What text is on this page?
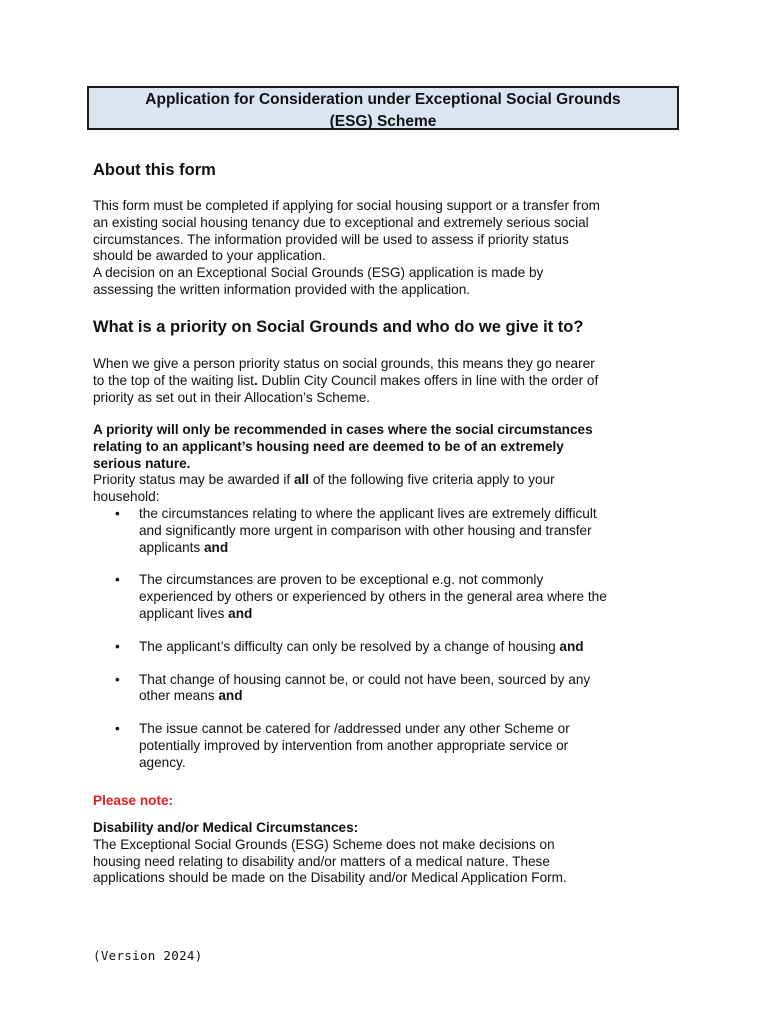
Application for Consideration under Exceptional Social Grounds
(ESG) Scheme
About this form
This form must be completed if applying for social housing support or a transfer from
an existing social housing tenancy due to exceptional and extremely serious social
circumstances. The information provided will be used to assess if priority status
should be awarded to your application.
A decision on an Exceptional Social Grounds (ESG) application is made by
assessing the written information provided with the application.
What is a priority on Social Grounds and who do we give it to?
When we give a person priority status on social grounds, this means they go nearer
to the top of the waiting list. Dublin City Council makes offers in line with the order of
priority as set out in their Allocation’s Scheme.
A priority will only be recommended in cases where the social circumstances
relating to an applicant’s housing need are deemed to be of an extremely
serious nature.
Priority status may be awarded if all of the following five criteria apply to your
household:
• the circumstances relating to where the applicant lives are extremely difficult
and significantly more urgent in comparison with other housing and transfer
applicants and
• The circumstances are proven to be exceptional e.g. not commonly
experienced by others or experienced by others in the general area where the
applicant lives and
• The applicant’s difficulty can only be resolved by a change of housing and
• That change of housing cannot be, or could not have been, sourced by any
other means and
• The issue cannot be catered for /addressed under any other Scheme or
potentially improved by intervention from another appropriate service or
agency.
Please note:
Disability and/or Medical Circumstances:
The Exceptional Social Grounds (ESG) Scheme does not make decisions on
housing need relating to disability and/or matters of a medical nature. These
applications should be made on the Disability and/or Medical Application Form.
(Version 2024)
